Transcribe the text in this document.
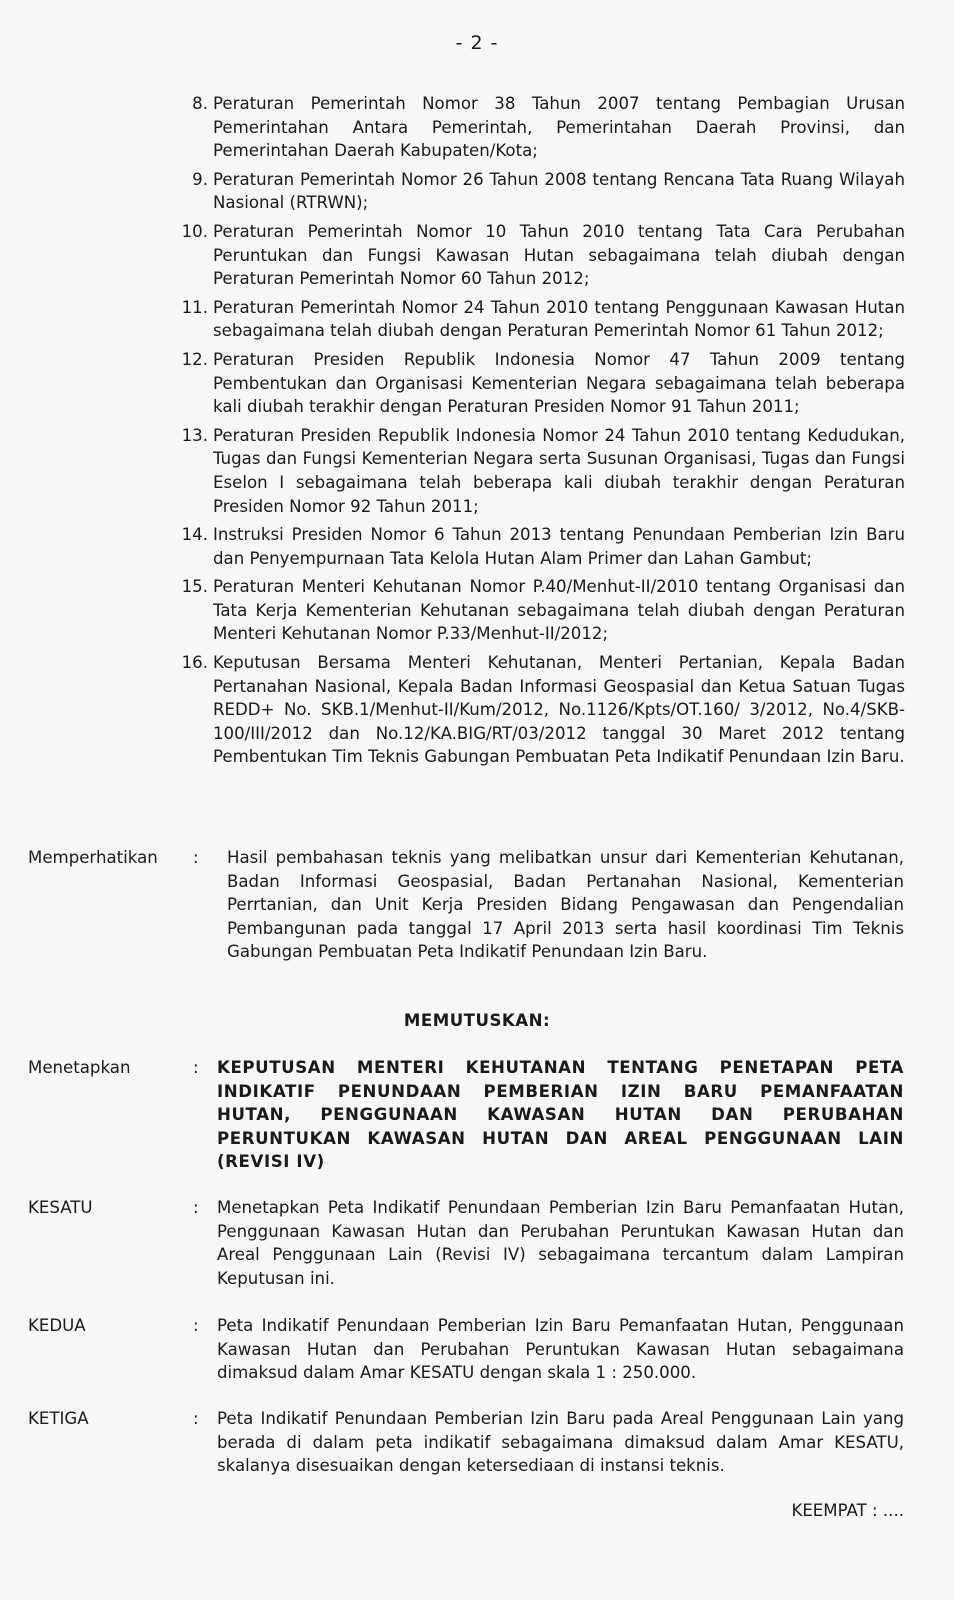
- 2 -
8. Peraturan Pemerintah Nomor 38 Tahun 2007 tentang Pembagian Urusan Pemerintahan Antara Pemerintah, Pemerintahan Daerah Provinsi, dan Pemerintahan Daerah Kabupaten/Kota;
9. Peraturan Pemerintah Nomor 26 Tahun 2008 tentang Rencana Tata Ruang Wilayah Nasional (RTRWN);
10. Peraturan Pemerintah Nomor 10 Tahun 2010 tentang Tata Cara Perubahan Peruntukan dan Fungsi Kawasan Hutan sebagaimana telah diubah dengan Peraturan Pemerintah Nomor 60 Tahun 2012;
11. Peraturan Pemerintah Nomor 24 Tahun 2010 tentang Penggunaan Kawasan Hutan sebagaimana telah diubah dengan Peraturan Pemerintah Nomor 61 Tahun 2012;
12. Peraturan Presiden Republik Indonesia Nomor 47 Tahun 2009 tentang Pembentukan dan Organisasi Kementerian Negara sebagaimana telah beberapa kali diubah terakhir dengan Peraturan Presiden Nomor 91 Tahun 2011;
13. Peraturan Presiden Republik Indonesia Nomor 24 Tahun 2010 tentang Kedudukan, Tugas dan Fungsi Kementerian Negara serta Susunan Organisasi, Tugas dan Fungsi Eselon I sebagaimana telah beberapa kali diubah terakhir dengan Peraturan Presiden Nomor 92 Tahun 2011;
14. Instruksi Presiden Nomor 6 Tahun 2013 tentang Penundaan Pemberian Izin Baru dan Penyempurnaan Tata Kelola Hutan Alam Primer dan Lahan Gambut;
15. Peraturan Menteri Kehutanan Nomor P.40/Menhut-II/2010 tentang Organisasi dan Tata Kerja Kementerian Kehutanan sebagaimana telah diubah dengan Peraturan Menteri Kehutanan Nomor P.33/Menhut-II/2012;
16. Keputusan Bersama Menteri Kehutanan, Menteri Pertanian, Kepala Badan Pertanahan Nasional, Kepala Badan Informasi Geospasial dan Ketua Satuan Tugas REDD+ No. SKB.1/Menhut-II/Kum/2012, No.1126/Kpts/OT.160/ 3/2012, No.4/SKB-100/III/2012 dan No.12/KA.BIG/RT/03/2012 tanggal 30 Maret 2012 tentang Pembentukan Tim Teknis Gabungan Pembuatan Peta Indikatif Penundaan Izin Baru.
Memperhatikan : Hasil pembahasan teknis yang melibatkan unsur dari Kementerian Kehutanan, Badan Informasi Geospasial, Badan Pertanahan Nasional, Kementerian Perrtanian, dan Unit Kerja Presiden Bidang Pengawasan dan Pengendalian Pembangunan pada tanggal 17 April 2013 serta hasil koordinasi Tim Teknis Gabungan Pembuatan Peta Indikatif Penundaan Izin Baru.
MEMUTUSKAN:
Menetapkan	: KEPUTUSAN MENTERI KEHUTANAN TENTANG PENETAPAN PETA INDIKATIF PENUNDAAN PEMBERIAN IZIN BARU PEMANFAATAN HUTAN, PENGGUNAAN KAWASAN HUTAN DAN PERUBAHAN PERUNTUKAN KAWASAN HUTAN DAN AREAL PENGGUNAAN LAIN (REVISI IV)
KESATU	: Menetapkan Peta Indikatif Penundaan Pemberian Izin Baru Pemanfaatan Hutan, Penggunaan Kawasan Hutan dan Perubahan Peruntukan Kawasan Hutan dan Areal Penggunaan Lain (Revisi IV) sebagaimana tercantum dalam Lampiran Keputusan ini.
KEDUA	: Peta Indikatif Penundaan Pemberian Izin Baru Pemanfaatan Hutan, Penggunaan Kawasan Hutan dan Perubahan Peruntukan Kawasan Hutan sebagaimana dimaksud dalam Amar KESATU dengan skala 1 : 250.000.
KETIGA	: Peta Indikatif Penundaan Pemberian Izin Baru pada Areal Penggunaan Lain yang berada di dalam peta indikatif sebagaimana dimaksud dalam Amar KESATU, skalanya disesuaikan dengan ketersediaan di instansi teknis.
KEEMPAT : ....
